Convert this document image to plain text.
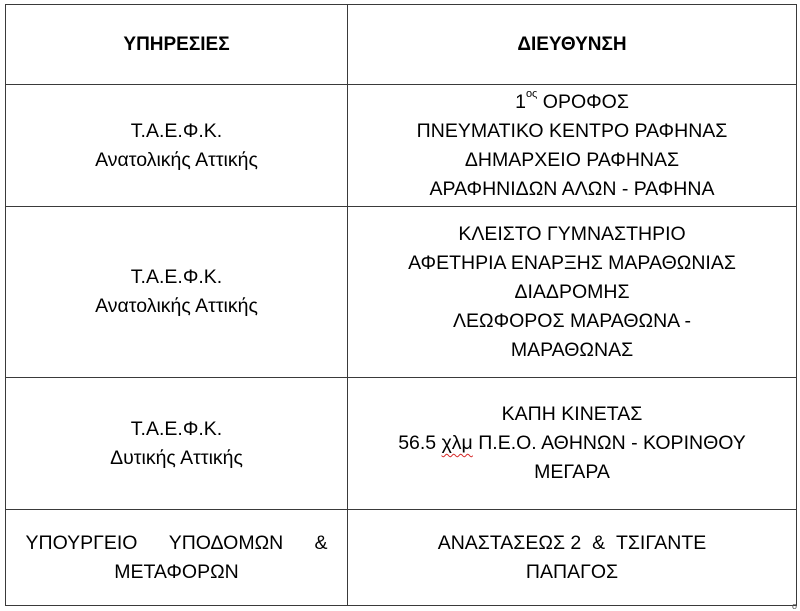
ΥΠΗΡΕΣΙΕΣ	ΔΙΕΥΘΥΝΣΗ

Τ.Α.Ε.Φ.Κ.
Ανατολικής Αττικής	$1^{o\varsigma}$ ΟΡΟΦΟΣ
ΠΝΕΥΜΑΤΙΚΟ ΚΕΝΤΡΟ ΡΑΦΗΝΑΣ
ΔΗΜΑΡΧΕΙΟ ΡΑΦΗΝΑΣ
ΑΡΑΦΗΝΙΔΩΝ ΑΛΩΝ - ΡΑΦΗΝΑ

Τ.Α.Ε.Φ.Κ.
Ανατολικής Αττικής	ΚΛΕΙΣΤΟ ΓΥΜΝΑΣΤΗΡΙΟ
ΑΦΕΤΗΡΙΑ ΕΝΑΡΞΗΣ ΜΑΡΑΘΩΝΙΑΣ
ΔΙΑΔΡΟΜΗΣ
ΛΕΩΦΟΡΟΣ ΜΑΡΑΘΩΝΑ -
ΜΑΡΑΘΩΝΑΣ

Τ.Α.Ε.Φ.Κ.
Δυτικής Αττικής	ΚΑΠΗ ΚΙΝΕΤΑΣ
56.5 χλμ Π.Ε.Ο. ΑΘΗΝΩΝ - ΚΟΡΙΝΘΟΥ
ΜΕΓΑΡΑ

ΥΠΟΥΡΓΕΙΟ ΥΠΟΔΟΜΩΝ &
ΜΕΤΑΦΟΡΩΝ	ΑΝΑΣΤΑΣΕΩΣ 2 & ΤΣΙΓΑΝΤΕ
ΠΑΠΑΓΟΣ
o
